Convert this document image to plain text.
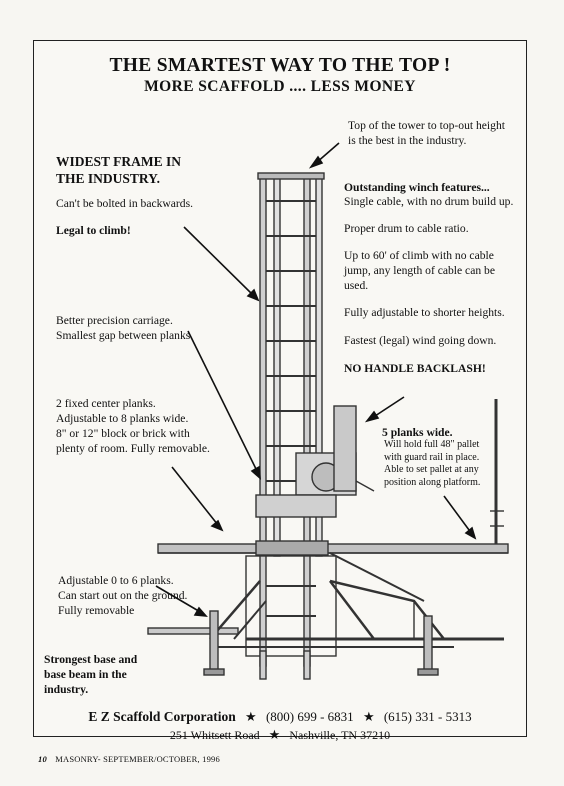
THE SMARTEST WAY TO THE TOP !
MORE SCAFFOLD .... LESS MONEY
WIDEST FRAME IN
THE INDUSTRY.
Can't be bolted in backwards.
Legal to climb!
Better precision carriage.
Smallest gap between planks.
2 fixed center planks.
Adjustable to 8 planks wide.
8" or 12" block or brick with
plenty of room. Fully removable.
Adjustable 0 to 6 planks.
Can start out on the ground.
Fully removable
Strongest base and
base beam in the
industry.
Top of the tower to top-out height
is the best in the industry.
Outstanding winch features...
Single cable, with no drum build up.
Proper drum to cable ratio.
Up to 60' of climb with no cable
jump, any length of cable can be
used.
Fully adjustable to shorter heights.
Fastest (legal) wind going down.
NO HANDLE BACKLASH!
5 planks wide.
Will hold full 48" pallet
with guard rail in place.
Able to set pallet at any
position along platform.
E Z Scaffold Corporation ★ (800) 699 - 6831 ★ (615) 331 - 5313
251 Whitsett Road ★ Nashville, TN 37210
10 MASONRY- SEPTEMBER/OCTOBER, 1996
